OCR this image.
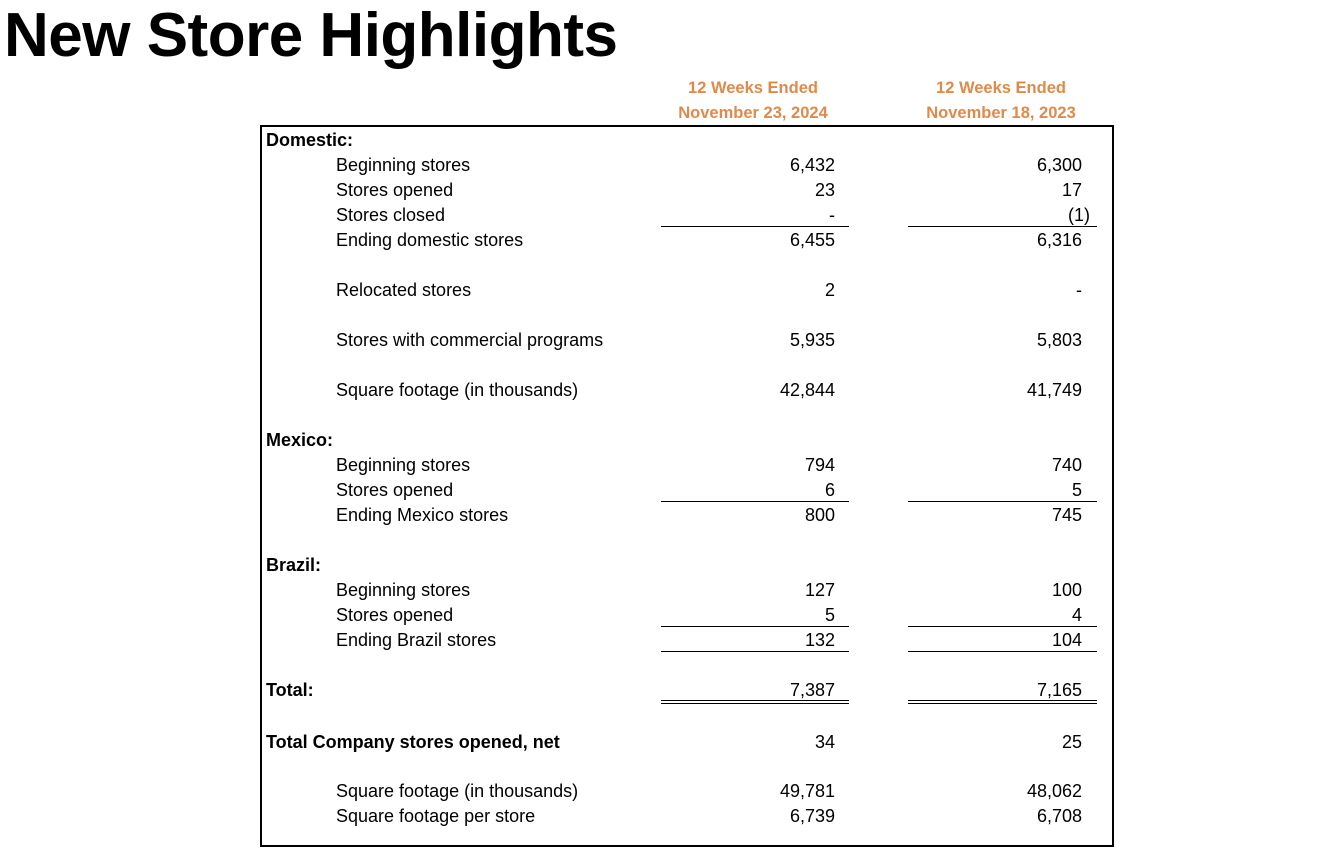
New Store Highlights
12 Weeks Ended
November 23, 2024
12 Weeks Ended
November 18, 2023
Domestic:
Beginning stores	6,432	6,300
Stores opened	23	17
Stores closed	-	(1)
Ending domestic stores	6,455	6,316
Relocated stores	2	-
Stores with commercial programs	5,935	5,803
Square footage (in thousands)	42,844	41,749
Mexico:
Beginning stores	794	740
Stores opened	6	5
Ending Mexico stores	800	745
Brazil:
Beginning stores	127	100
Stores opened	5	4
Ending Brazil stores	132	104
Total:	7,387	7,165
Total Company stores opened, net	34	25
Square footage (in thousands)	49,781	48,062
Square footage per store	6,739	6,708
